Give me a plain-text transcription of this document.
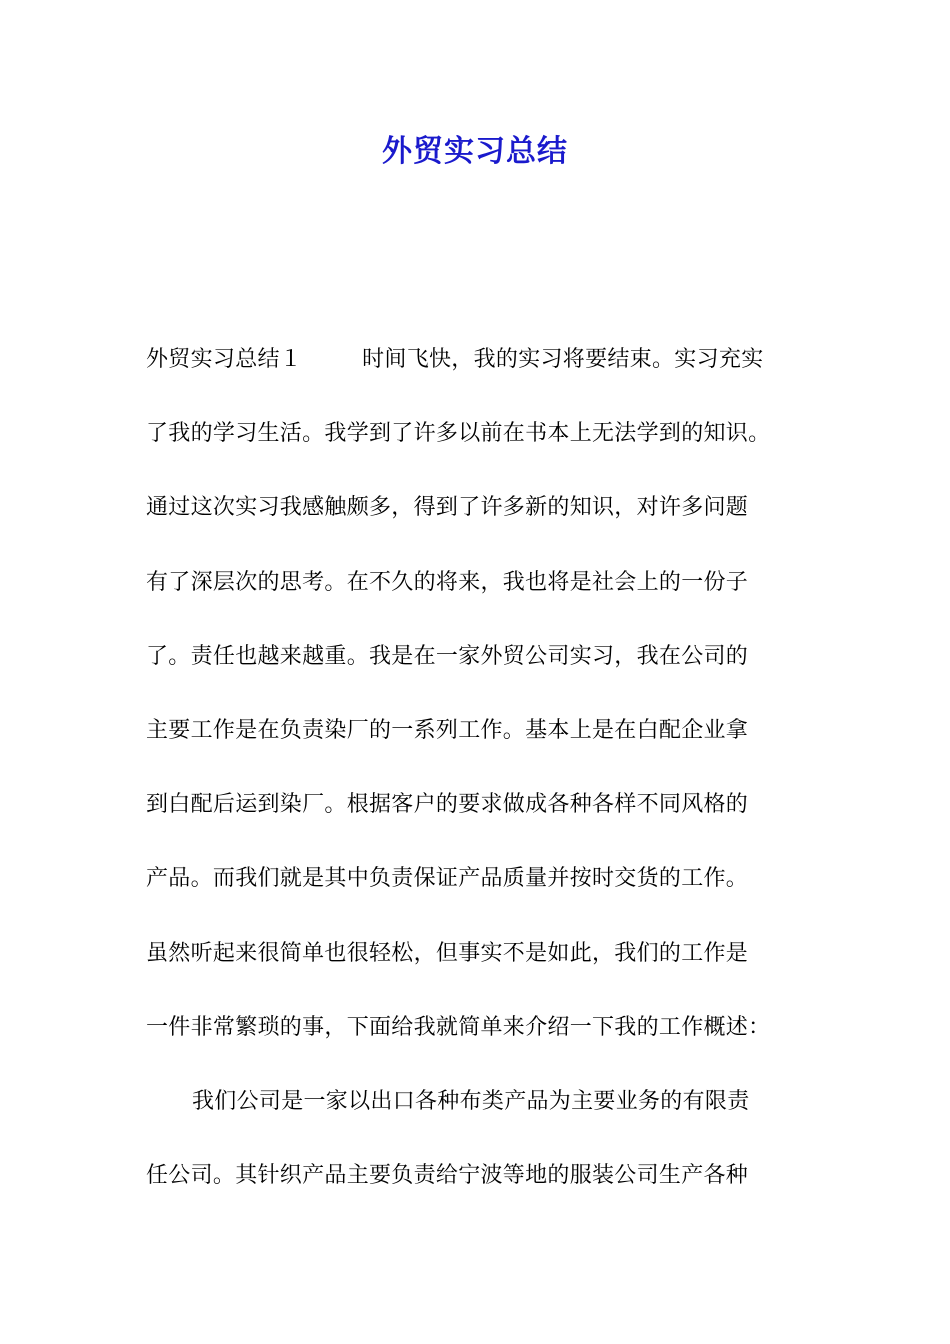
外贸实习总结
外贸实习总结１	时间飞快，我的实习将要结束。实习充实
了我的学习生活。我学到了许多以前在书本上无法学到的知识。
通过这次实习我感触颇多，得到了许多新的知识，对许多问题
有了深层次的思考。在不久的将来，我也将是社会上的一份子
了。责任也越来越重。我是在一家外贸公司实习，我在公司的
主要工作是在负责染厂的一系列工作。基本上是在白配企业拿
到白配后运到染厂。根据客户的要求做成各种各样不同风格的
产品。而我们就是其中负责保证产品质量并按时交货的工作。
虽然听起来很简单也很轻松，但事实不是如此，我们的工作是
一件非常繁琐的事，下面给我就简单来介绍一下我的工作概述：
我们公司是一家以出口各种布类产品为主要业务的有限责
任公司。其针织产品主要负责给宁波等地的服装公司生产各种
